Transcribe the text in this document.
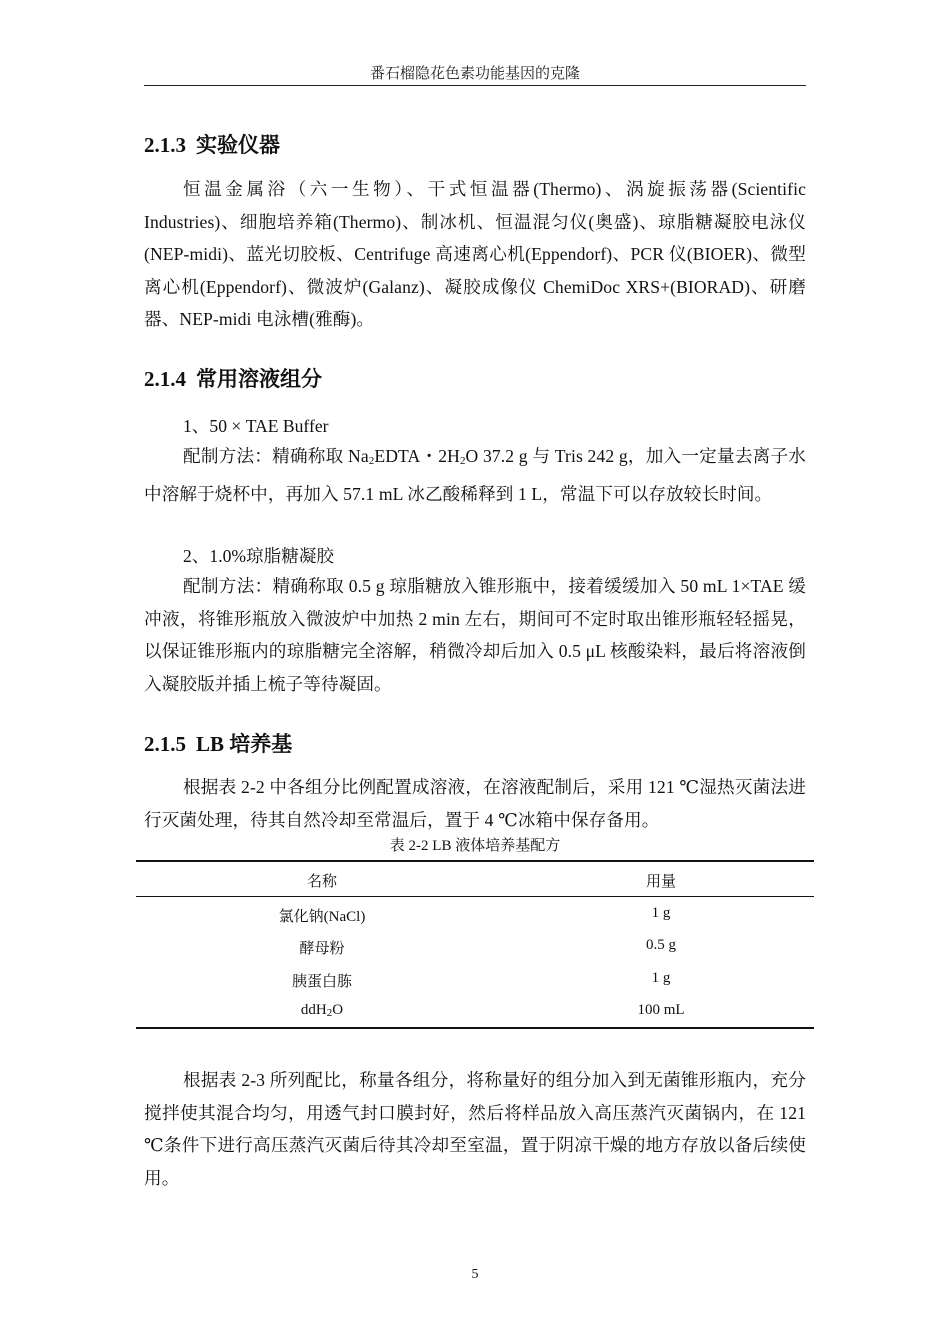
番石榴隐花色素功能基因的克隆
2.1.3 实验仪器
恒温金属浴（六一生物）、干式恒温器(Thermo)、涡旋振荡器(Scientific Industries)、细胞培养箱(Thermo)、制冰机、恒温混匀仪(奥盛)、琼脂糖凝胶电泳仪(NEP-midi)、蓝光切胶板、Centrifuge 高速离心机(Eppendorf)、PCR 仪(BIOER)、微型离心机(Eppendorf)、微波炉(Galanz)、凝胶成像仪 ChemiDoc XRS+(BIORAD)、研磨器、NEP-midi 电泳槽(雅酶)。
2.1.4 常用溶液组分
1、50 × TAE Buffer
配制方法：精确称取 $Na_2EDTA$・$2H_2O$ 37.2 g 与 Tris 242 g，加入一定量去离子水中溶解于烧杯中，再加入 57.1 mL 冰乙酸稀释到 1 L，常温下可以存放较长时间。
2、1.0%琼脂糖凝胶
配制方法：精确称取 0.5 g 琼脂糖放入锥形瓶中，接着缓缓加入 50 mL 1×TAE 缓冲液，将锥形瓶放入微波炉中加热 2 min 左右，期间可不定时取出锥形瓶轻轻摇晃，以保证锥形瓶内的琼脂糖完全溶解，稍微冷却后加入 0.5 μL 核酸染料，最后将溶液倒入凝胶版并插上梳子等待凝固。
2.1.5 LB 培养基
根据表 2-2 中各组分比例配置成溶液，在溶液配制后，采用 121 ℃湿热灭菌法进行灭菌处理，待其自然冷却至常温后，置于 4 ℃冰箱中保存备用。
表 2-2 LB 液体培养基配方
名称	用量
氯化钠(NaCl)	1 g
酵母粉	0.5 g
胰蛋白胨	1 g
ddH$_2$O	100 mL
根据表 2-3 所列配比，称量各组分，将称量好的组分加入到无菌锥形瓶内，充分搅拌使其混合均匀，用透气封口膜封好，然后将样品放入高压蒸汽灭菌锅内，在 121 ℃条件下进行高压蒸汽灭菌后待其冷却至室温，置于阴凉干燥的地方存放以备后续使用。
5
